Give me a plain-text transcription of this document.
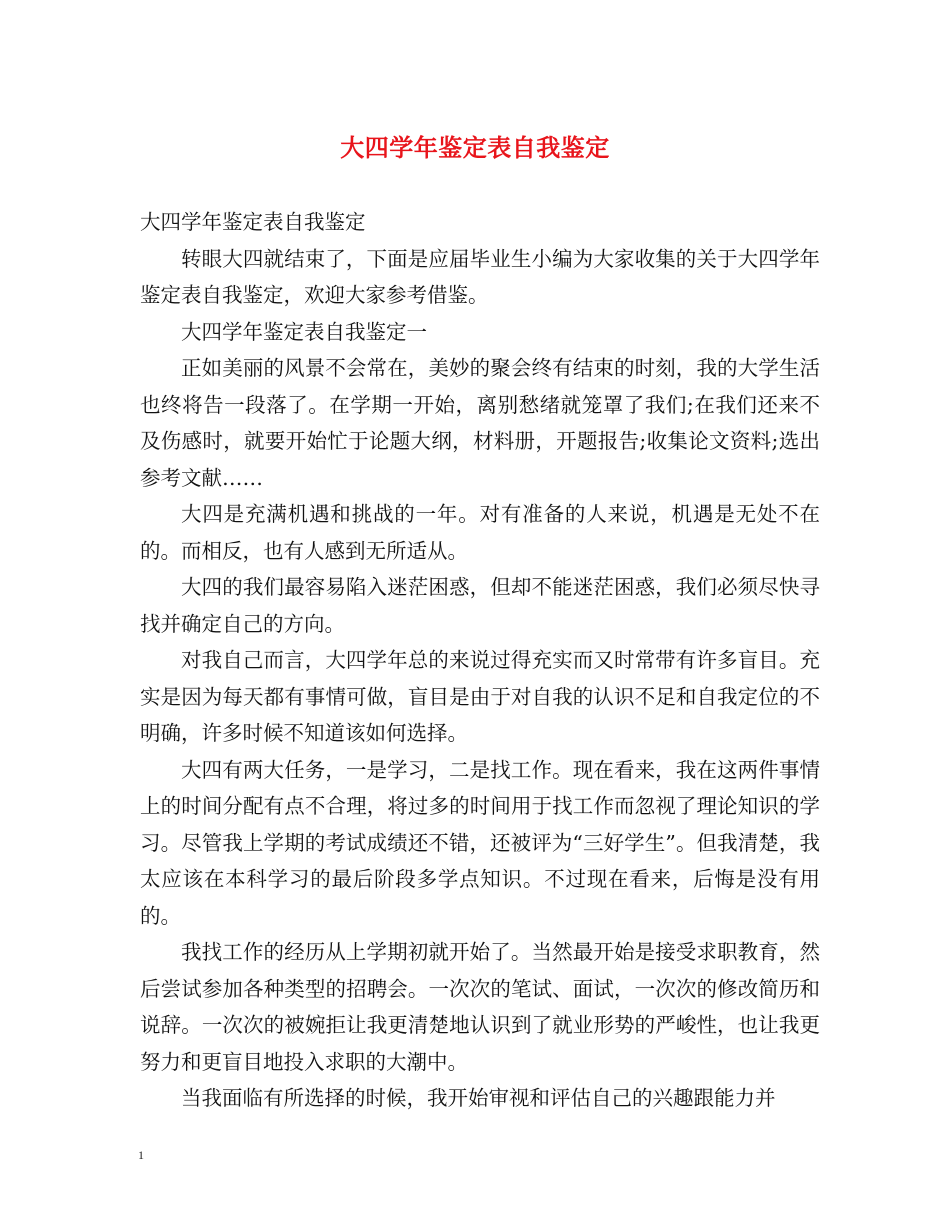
大四学年鉴定表自我鉴定

大四学年鉴定表自我鉴定

转眼大四就结束了，下面是应届毕业生小编为大家收集的关于大四学年鉴定表自我鉴定，欢迎大家参考借鉴。

大四学年鉴定表自我鉴定一

正如美丽的风景不会常在，美妙的聚会终有结束的时刻，我的大学生活也终将告一段落了。在学期一开始，离别愁绪就笼罩了我们;在我们还来不及伤感时，就要开始忙于论题大纲，材料册，开题报告;收集论文资料;选出参考文献……

大四是充满机遇和挑战的一年。对有准备的人来说，机遇是无处不在的。而相反，也有人感到无所适从。

大四的我们最容易陷入迷茫困惑，但却不能迷茫困惑，我们必须尽快寻找并确定自己的方向。

对我自己而言，大四学年总的来说过得充实而又时常带有许多盲目。充实是因为每天都有事情可做，盲目是由于对自我的认识不足和自我定位的不明确，许多时候不知道该如何选择。

大四有两大任务，一是学习，二是找工作。现在看来，我在这两件事情上的时间分配有点不合理，将过多的时间用于找工作而忽视了理论知识的学习。尽管我上学期的考试成绩还不错，还被评为“三好学生”。但我清楚，我太应该在本科学习的最后阶段多学点知识。不过现在看来，后悔是没有用的。

我找工作的经历从上学期初就开始了。当然最开始是接受求职教育，然后尝试参加各种类型的招聘会。一次次的笔试、面试，一次次的修改简历和说辞。一次次的被婉拒让我更清楚地认识到了就业形势的严峻性，也让我更努力和更盲目地投入求职的大潮中。

当我面临有所选择的时候，我开始审视和评估自己的兴趣跟能力并

1
